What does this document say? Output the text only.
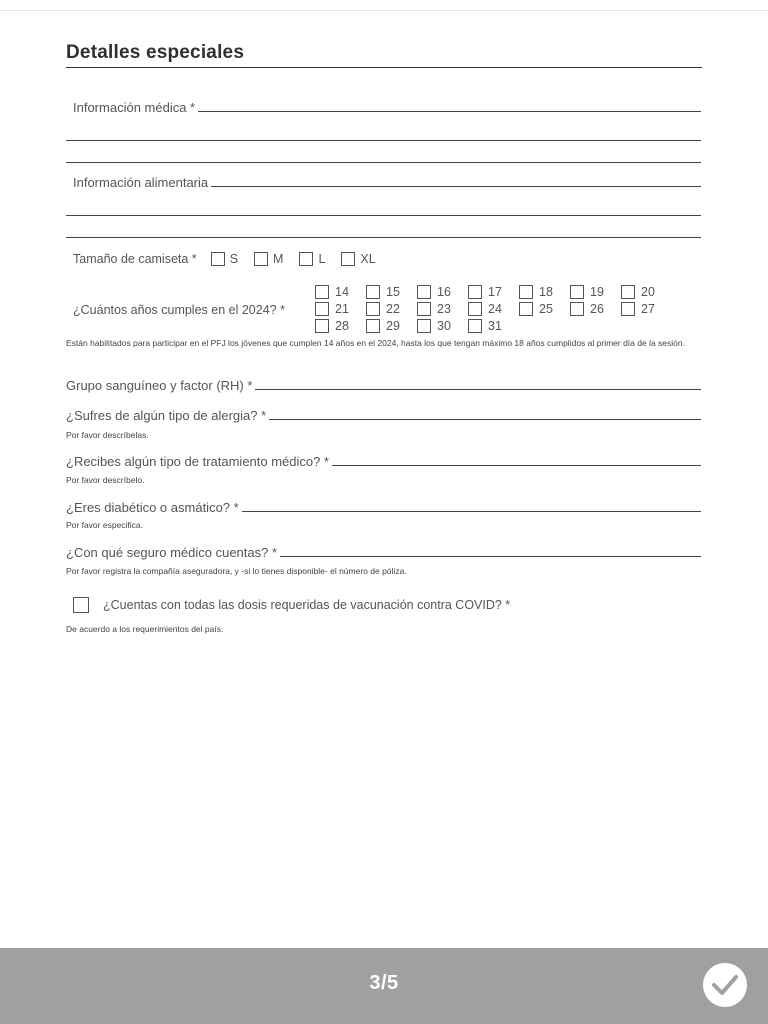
Detalles especiales
Información médica *
Información alimentaria
Tamaño de camiseta *	S	M	L	XL
¿Cuántos años cumples en el 2024? *
14	15	16	17	18	19	20
21	22	23	24	25	26	27
28	29	30	31
Están habilitados para participar en el PFJ los jóvenes que cumplen 14 años en el 2024, hasta los que tengan máximo 18 años cumplidos al primer día de la sesión.
Grupo sanguíneo y factor (RH) *
¿Sufres de algún tipo de alergia? *
Por favor descríbelas.
¿Recibes algún tipo de tratamiento médico? *
Por favor descríbelo.
¿Eres diabético o asmático? *
Por favor especifica.
¿Con qué seguro médico cuentas? *
Por favor registra la compañía aseguradora, y -si lo tienes disponible- el número de póliza.
¿Cuentas con todas las dosis requeridas de vacunación contra COVID? *
De acuerdo a los requerimientos del país.
3/5
